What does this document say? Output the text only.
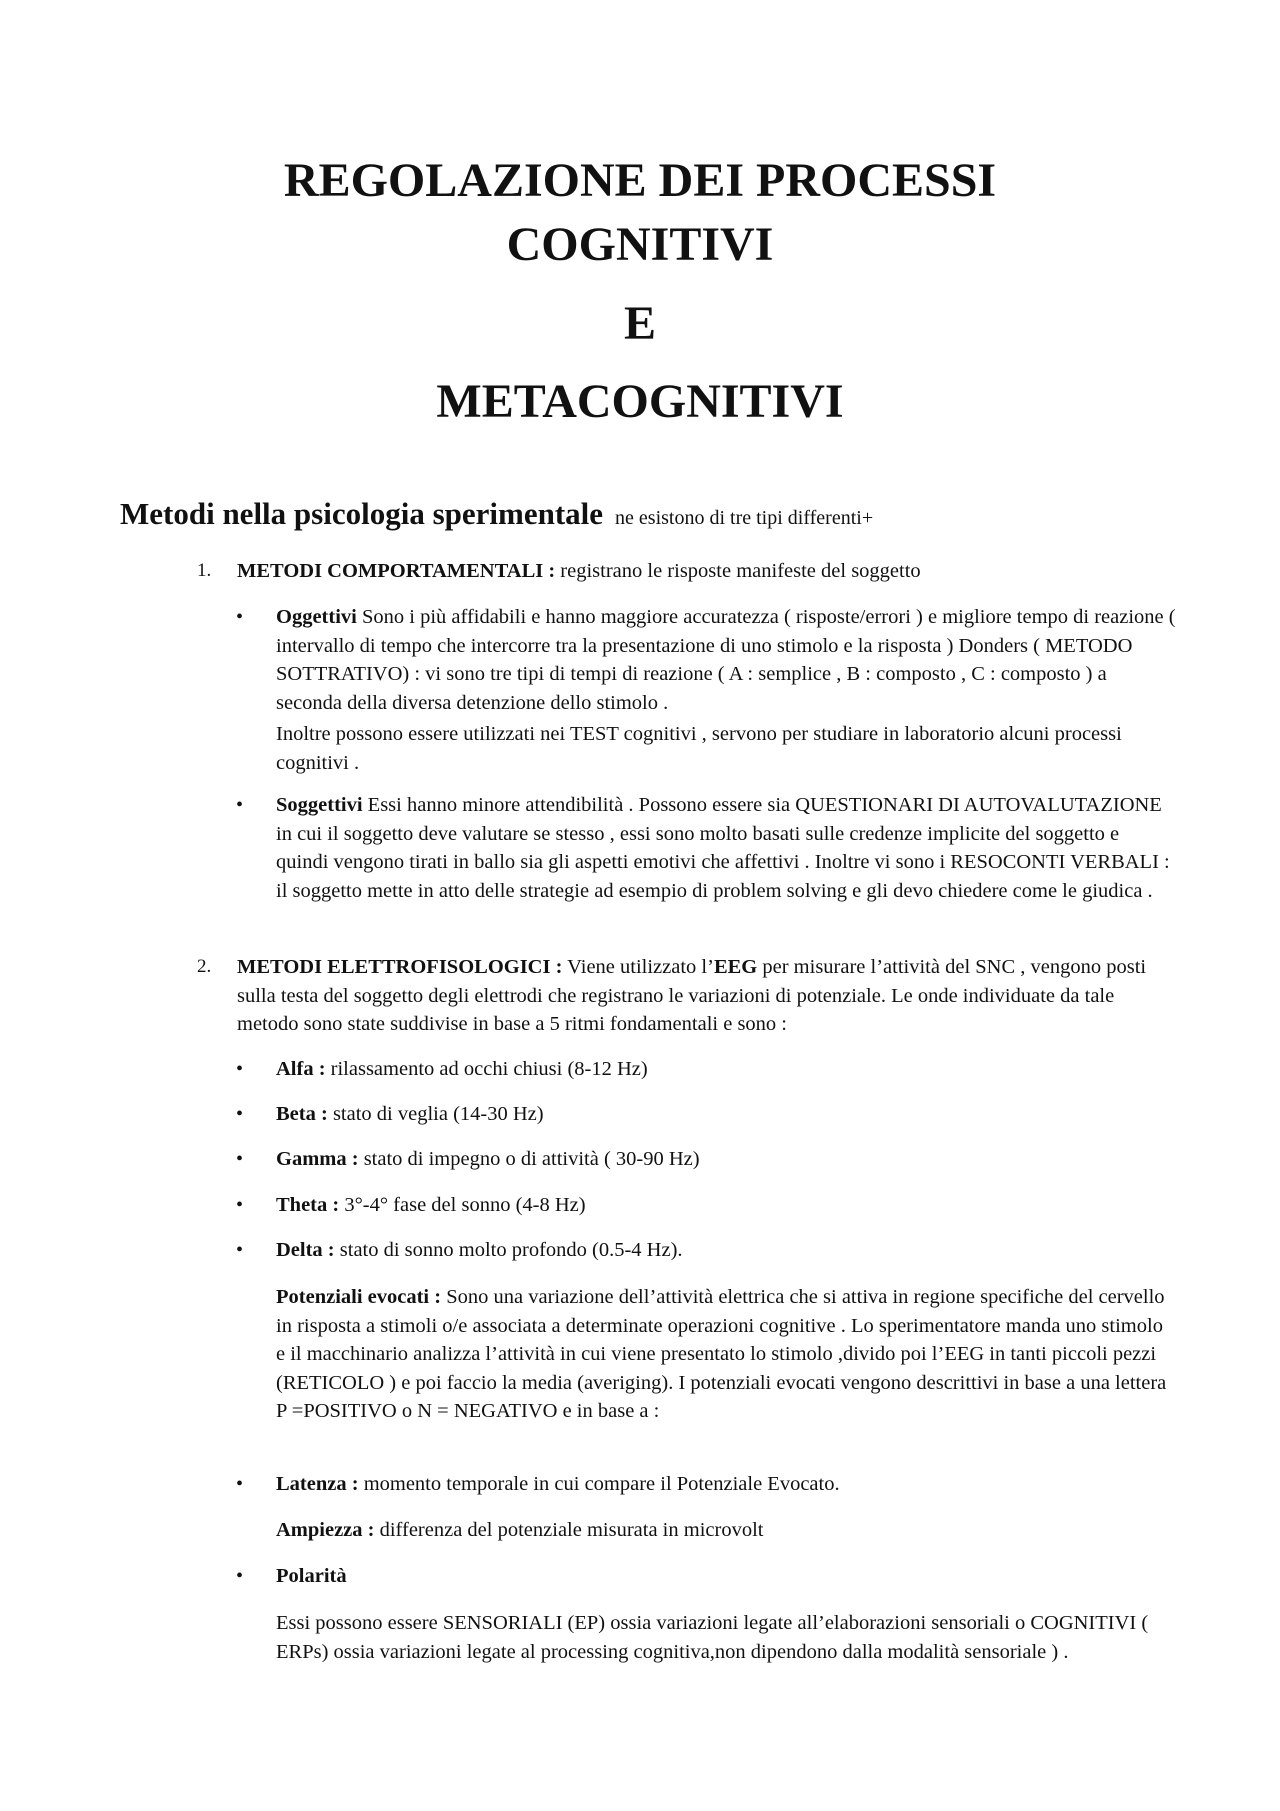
REGOLAZIONE DEI PROCESSI
COGNITIVI
E
METACOGNITIVI

Metodi nella psicologia sperimentale ne esistono di tre tipi differenti+

1. METODI COMPORTAMENTALI : registrano le risposte manifeste del soggetto

• Oggettivi Sono i più affidabili e hanno maggiore accuratezza ( risposte/errori ) e migliore tempo di reazione ( intervallo di tempo che intercorre tra la presentazione di uno stimolo e la risposta ) Donders ( METODO SOTTRATIVO) : vi sono tre tipi di tempi di reazione ( A : semplice , B : composto , C : composto ) a seconda della diversa detenzione dello stimolo .

Inoltre possono essere utilizzati nei TEST cognitivi , servono per studiare in laboratorio alcuni processi cognitivi .

• Soggettivi Essi hanno minore attendibilità . Possono essere sia QUESTIONARI DI AUTOVALUTAZIONE in cui il soggetto deve valutare se stesso , essi sono molto basati sulle credenze implicite del soggetto e quindi vengono tirati in ballo sia gli aspetti emotivi che affettivi . Inoltre vi sono i RESOCONTI VERBALI : il soggetto mette in atto delle strategie ad esempio di problem solving e gli devo chiedere come le giudica .

2. METODI ELETTROFISOLOGICI : Viene utilizzato l’EEG per misurare l’attività del SNC , vengono posti sulla testa del soggetto degli elettrodi che registrano le variazioni di potenziale. Le onde individuate da tale metodo sono state suddivise in base a 5 ritmi fondamentali e sono :

• Alfa : rilassamento ad occhi chiusi (8-12 Hz)

• Beta : stato di veglia (14-30 Hz)

• Gamma : stato di impegno o di attività ( 30-90 Hz)

• Theta : 3°-4° fase del sonno (4-8 Hz)

• Delta : stato di sonno molto profondo (0.5-4 Hz).

Potenziali evocati : Sono una variazione dell’attività elettrica che si attiva in regione specifiche del cervello in risposta a stimoli o/e associata a determinate operazioni cognitive . Lo sperimentatore manda uno stimolo e il macchinario analizza l’attività in cui viene presentato lo stimolo ,divido poi l’EEG in tanti piccoli pezzi (RETICOLO ) e poi faccio la media (averiging). I potenziali evocati vengono descrittivi in base a una lettera P =POSITIVO o N = NEGATIVO e in base a :

• Latenza : momento temporale in cui compare il Potenziale Evocato.

Ampiezza : differenza del potenziale misurata in microvolt

• Polarità

Essi possono essere SENSORIALI (EP) ossia variazioni legate all’elaborazioni sensoriali o COGNITIVI ( ERPs) ossia variazioni legate al processing cognitiva,non dipendono dalla modalità sensoriale ) .
